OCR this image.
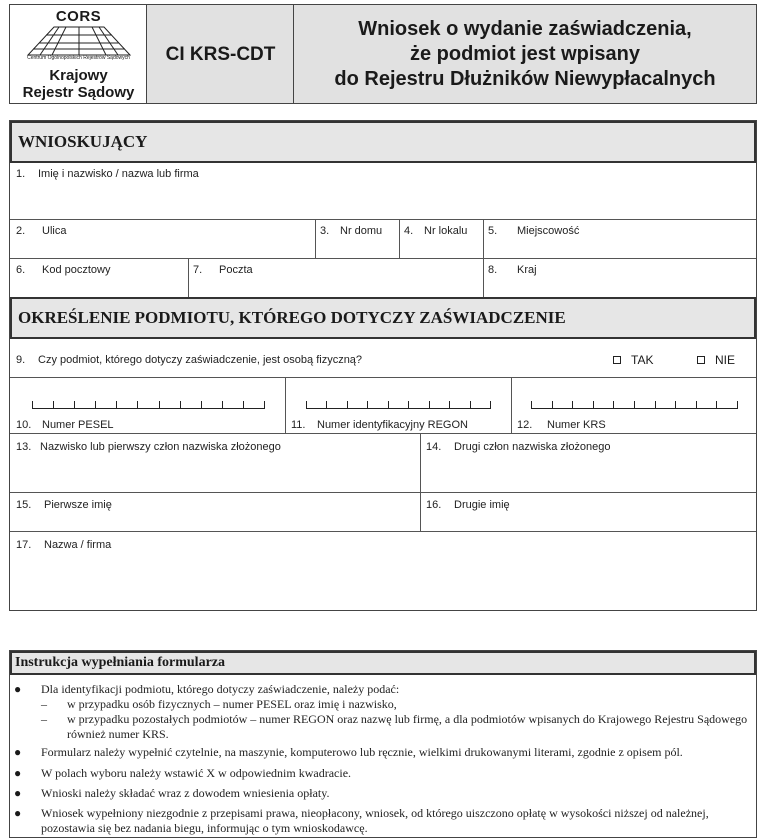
CORS
Centrum Ogólnopolskich Rejestrów Sądowych
Krajowy
Rejestr Sądowy
CI KRS-CDT
Wniosek o wydanie zaświadczenia,
że podmiot jest wpisany
do Rejestru Dłużników Niewypłacalnych
WNIOSKUJĄCY
1. Imię i nazwisko / nazwa lub firma
2. Ulica	3. Nr domu 4. Nr lokalu 5. Miejscowość
6. Kod pocztowy	7. Poczta	8. Kraj
OKREŚLENIE PODMIOTU, KTÓREGO DOTYCZY ZAŚWIADCZENIE
9. Czy podmiot, którego dotyczy zaświadczenie, jest osobą fizyczną?	TAK	NIE
10. Numer PESEL	11. Numer identyfikacyjny REGON	12. Numer KRS
13. Nazwisko lub pierwszy człon nazwiska złożonego	14. Drugi człon nazwiska złożonego
15. Pierwsze imię	16. Drugie imię
17. Nazwa / firma
Instrukcja wypełniania formularza
● Dla identyfikacji podmiotu, którego dotyczy zaświadczenie, należy podać:
– w przypadku osób fizycznych – numer PESEL oraz imię i nazwisko,
– w przypadku pozostałych podmiotów – numer REGON oraz nazwę lub firmę, a dla podmiotów wpisanych do Krajowego Rejestru Sądowego również numer KRS.
● Formularz należy wypełnić czytelnie, na maszynie, komputerowo lub ręcznie, wielkimi drukowanymi literami, zgodnie z opisem pól.
● W polach wyboru należy wstawić X w odpowiednim kwadracie.
● Wnioski należy składać wraz z dowodem wniesienia opłaty.
● Wniosek wypełniony niezgodnie z przepisami prawa, nieopłacony, wniosek, od którego uiszczono opłatę w wysokości niższej od należnej, pozostawia się bez nadania biegu, informując o tym wnioskodawcę.
